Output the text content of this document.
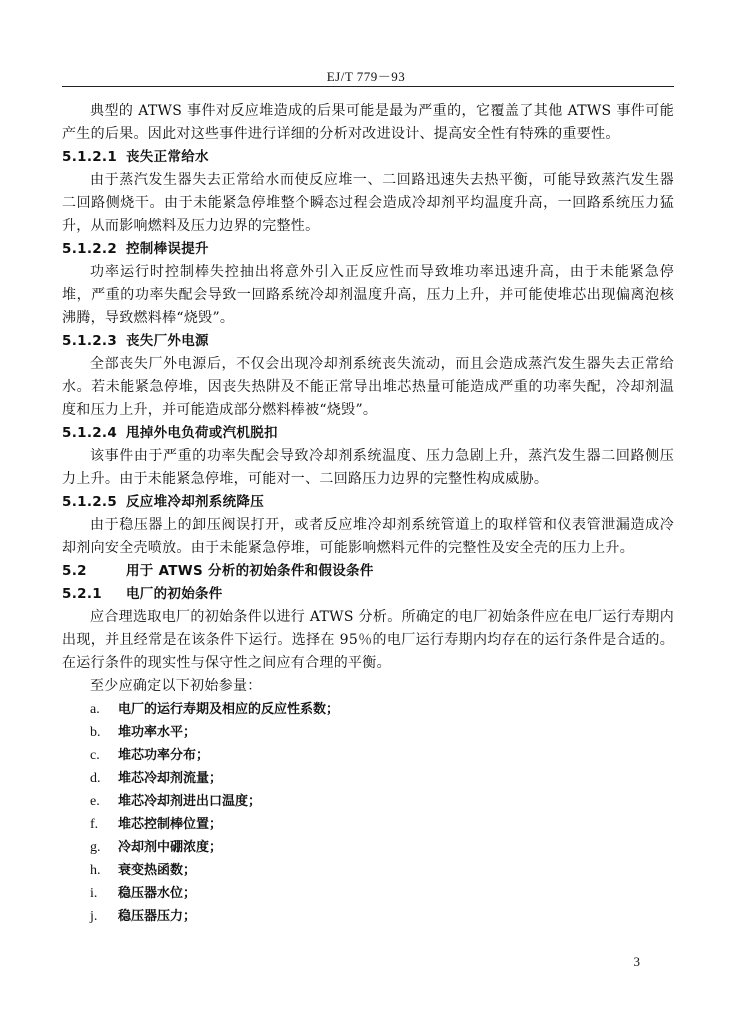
EJ/T 779－93

典型的 ATWS 事件对反应堆造成的后果可能是最为严重的，它覆盖了其他 ATWS 事件可能产生的后果。因此对这些事件进行详细的分析对改进设计、提高安全性有特殊的重要性。

5.1.2.1 丧失正常给水

由于蒸汽发生器失去正常给水而使反应堆一、二回路迅速失去热平衡，可能导致蒸汽发生器二回路侧烧干。由于未能紧急停堆整个瞬态过程会造成冷却剂平均温度升高，一回路系统压力猛升，从而影响燃料及压力边界的完整性。

5.1.2.2 控制棒误提升

功率运行时控制棒失控抽出将意外引入正反应性而导致堆功率迅速升高，由于未能紧急停堆，严重的功率失配会导致一回路系统冷却剂温度升高，压力上升，并可能使堆芯出现偏离泡核沸腾，导致燃料棒“烧毁”。

5.1.2.3 丧失厂外电源

全部丧失厂外电源后，不仅会出现冷却剂系统丧失流动，而且会造成蒸汽发生器失去正常给水。若未能紧急停堆，因丧失热阱及不能正常导出堆芯热量可能造成严重的功率失配，冷却剂温度和压力上升，并可能造成部分燃料棒被“烧毁”。

5.1.2.4 甩掉外电负荷或汽机脱扣

该事件由于严重的功率失配会导致冷却剂系统温度、压力急剧上升，蒸汽发生器二回路侧压力上升。由于未能紧急停堆，可能对一、二回路压力边界的完整性构成威胁。

5.1.2.5 反应堆冷却剂系统降压

由于稳压器上的卸压阀误打开，或者反应堆冷却剂系统管道上的取样管和仪表管泄漏造成冷却剂向安全壳喷放。由于未能紧急停堆，可能影响燃料元件的完整性及安全壳的压力上升。

5.2	用于 ATWS 分析的初始条件和假设条件
5.2.1 电厂的初始条件

应合理选取电厂的初始条件以进行 ATWS 分析。所确定的电厂初始条件应在电厂运行寿期内出现，并且经常是在该条件下运行。选择在 95％的电厂运行寿期内均存在的运行条件是合适的。在运行条件的现实性与保守性之间应有合理的平衡。

至少应确定以下初始参量：

a. 电厂的运行寿期及相应的反应性系数；
b. 堆功率水平；
c. 堆芯功率分布；
d. 堆芯冷却剂流量；
e. 堆芯冷却剂进出口温度；
f. 堆芯控制棒位置；
g. 冷却剂中硼浓度；
h. 衰变热函数；
i. 稳压器水位；
j. 稳压器压力；
3
